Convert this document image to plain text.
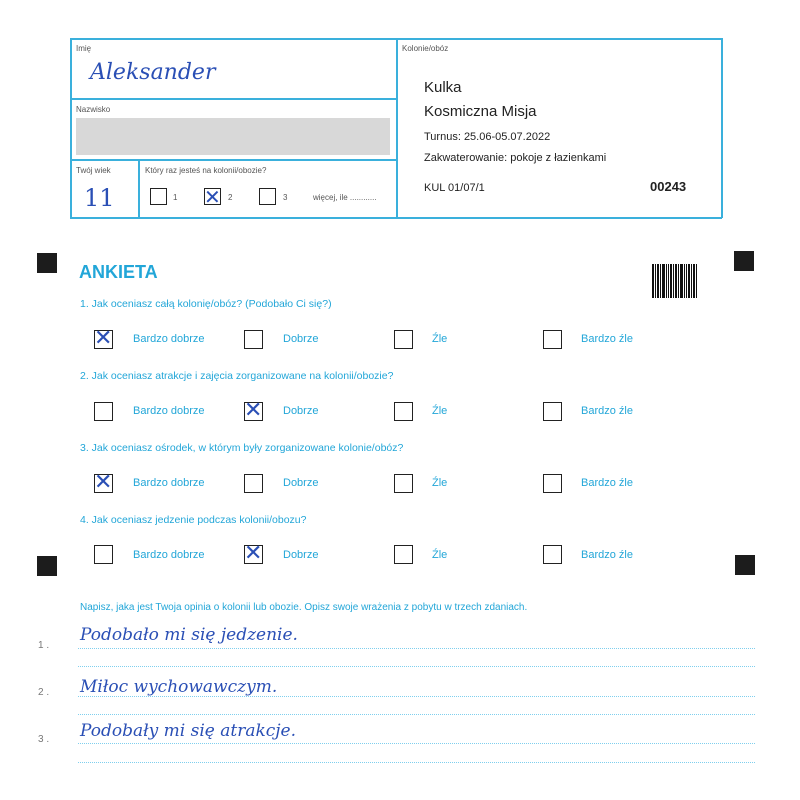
Imię
Aleksander
Nazwisko
Twój wiek
11
Który raz jesteś na kolonii/obozie?
1 ✕ 2	3	więcej, ile ............
Kolonie/obóz
Kulka
Kosmiczna Misja
Turnus: 25.06-05.07.2022
Zakwaterowanie: pokoje z łazienkami
KUL 01/07/1	00243
ANKIETA
1. Jak oceniasz całą kolonię/obóz? (Podobało Ci się?)
✕ Bardzo dobrze	Dobrze	Źle	Bardzo źle
2. Jak oceniasz atrakcje i zajęcia zorganizowane na kolonii/obozie?
Bardzo dobrze ✕ Dobrze	Źle	Bardzo źle
3. Jak oceniasz ośrodek, w którym były zorganizowane kolonie/obóz?
✕ Bardzo dobrze	Dobrze	Źle	Bardzo źle
4. Jak oceniasz jedzenie podczas kolonii/obozu?
Bardzo dobrze ✕ Dobrze	Źle	Bardzo źle
Napisz, jaka jest Twoja opinia o kolonii lub obozie. Opisz swoje wrażenia z pobytu w trzech zdaniach.
1 .
Podobało mi się jedzenie.
2 . Miłoc wychowawczym.
3 . Podobały mi się atrakcje.
